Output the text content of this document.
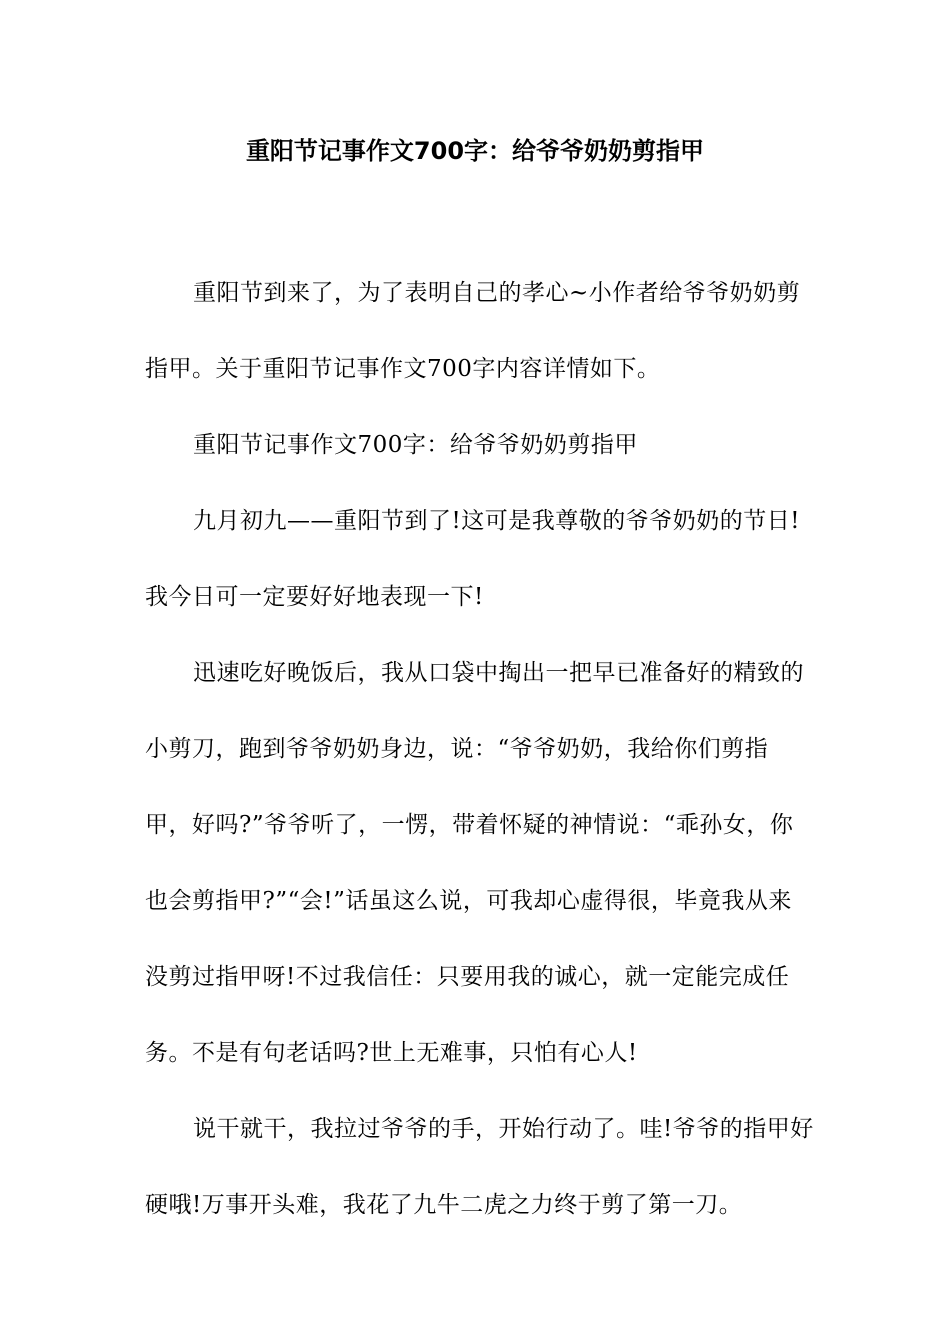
重阳节记事作文700字：给爷爷奶奶剪指甲

重阳节到来了，为了表明自己的孝心~小作者给爷爷奶奶剪指甲。关于重阳节记事作文700字内容详情如下。

重阳节记事作文700字：给爷爷奶奶剪指甲

九月初九——重阳节到了!这可是我尊敬的爷爷奶奶的节日!我今日可一定要好好地表现一下!

迅速吃好晚饭后，我从口袋中掏出一把早已准备好的精致的小剪刀，跑到爷爷奶奶身边，说：“爷爷奶奶，我给你们剪指甲，好吗?”爷爷听了，一愣，带着怀疑的神情说：“乖孙女，你也会剪指甲?”“会!”话虽这么说，可我却心虚得很，毕竟我从来没剪过指甲呀!不过我信任：只要用我的诚心，就一定能完成任务。不是有句老话吗?世上无难事，只怕有心人!

说干就干，我拉过爷爷的手，开始行动了。哇!爷爷的指甲好硬哦!万事开头难，我花了九牛二虎之力终于剪了第一刀。
